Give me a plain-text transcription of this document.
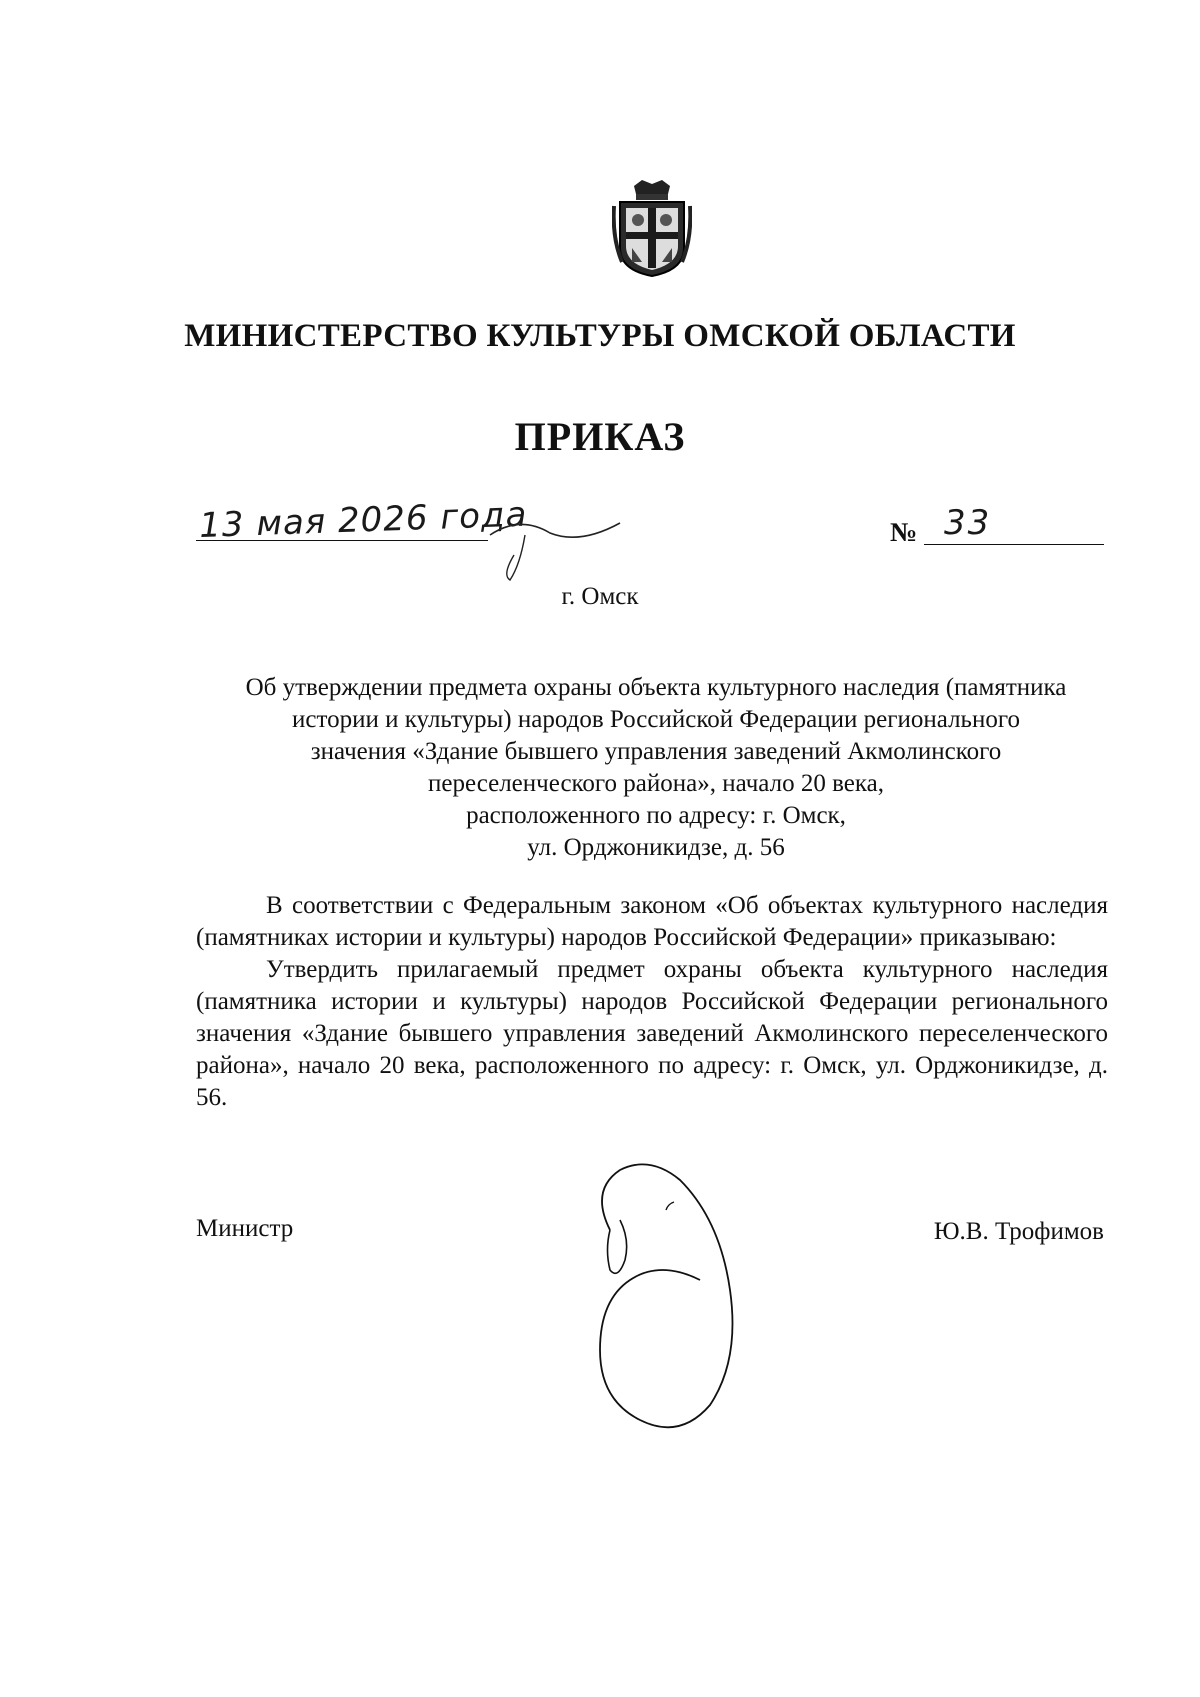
МИНИСТЕРСТВО КУЛЬТУРЫ ОМСКОЙ ОБЛАСТИ
ПРИКАЗ
13 мая 2026 года	№ 33
г. Омск
Об утверждении предмета охраны объекта культурного наследия (памятника
истории и культуры) народов Российской Федерации регионального
значения «Здание бывшего управления заведений Акмолинского
переселенческого района», начало 20 века,
расположенного по адресу: г. Омск,
ул. Орджоникидзе, д. 56

В соответствии с Федеральным законом «Об объектах культурного наследия (памятниках истории и культуры) народов Российской Федерации» приказываю:

Утвердить прилагаемый предмет охраны объекта культурного наследия (памятника истории и культуры) народов Российской Федерации регионального значения «Здание бывшего управления заведений Акмолинского переселенческого района», начало 20 века, расположенного по адресу: г. Омск, ул. Орджоникидзе, д. 56.

Министр	Ю.В. Трофимов
